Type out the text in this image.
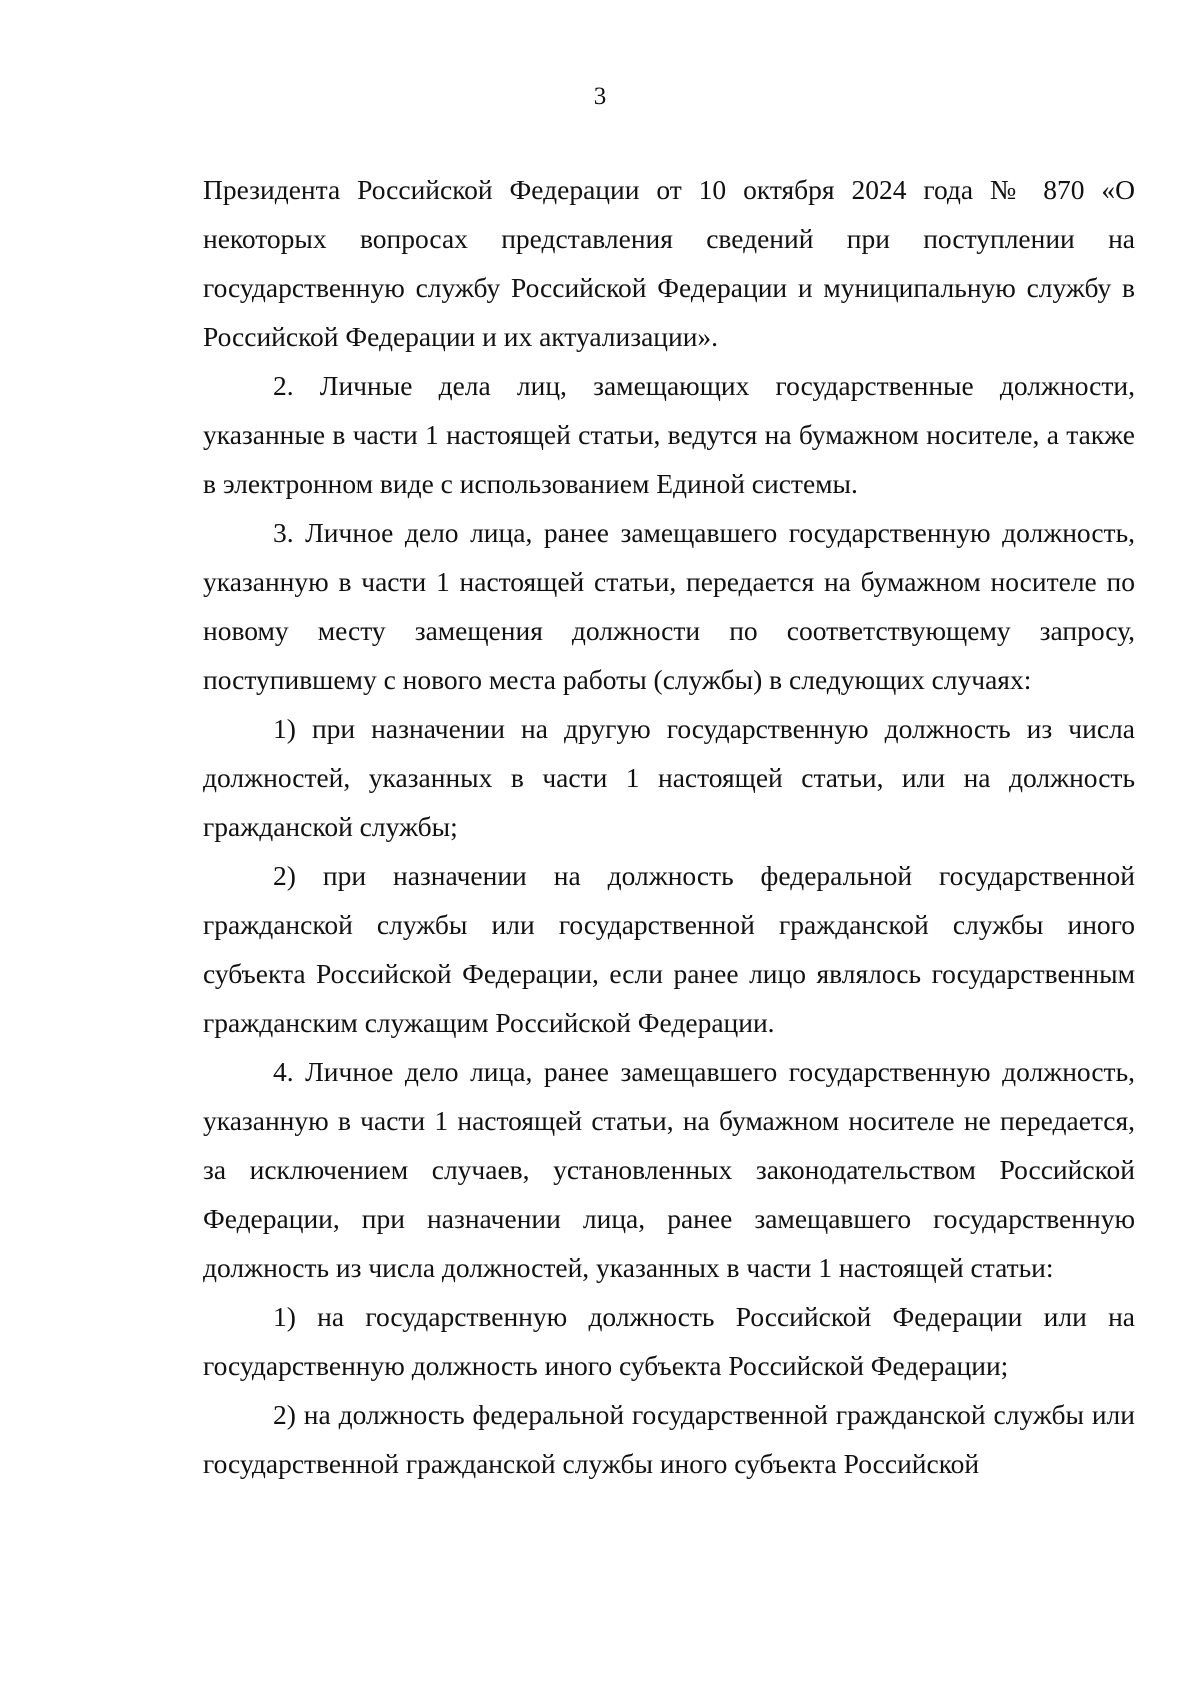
3

Президента Российской Федерации от 10 октября 2024 года № 870 «О некоторых вопросах представления сведений при поступлении на государственную службу Российской Федерации и муниципальную службу в Российской Федерации и их актуализации».

2. Личные дела лиц, замещающих государственные должности, указанные в части 1 настоящей статьи, ведутся на бумажном носителе, а также в электронном виде с использованием Единой системы.

3. Личное дело лица, ранее замещавшего государственную должность, указанную в части 1 настоящей статьи, передается на бумажном носителе по новому месту замещения должности по соответствующему запросу, поступившему с нового места работы (службы) в следующих случаях:

1) при назначении на другую государственную должность из числа должностей, указанных в части 1 настоящей статьи, или на должность гражданской службы;

2) при назначении на должность федеральной государственной гражданской службы или государственной гражданской службы иного субъекта Российской Федерации, если ранее лицо являлось государственным гражданским служащим Российской Федерации.

4. Личное дело лица, ранее замещавшего государственную должность, указанную в части 1 настоящей статьи, на бумажном носителе не передается, за исключением случаев, установленных законодательством Российской Федерации, при назначении лица, ранее замещавшего государственную должность из числа должностей, указанных в части 1 настоящей статьи:

1) на государственную должность Российской Федерации или на государственную должность иного субъекта Российской Федерации;

2) на должность федеральной государственной гражданской службы или государственной гражданской службы иного субъекта Российской
